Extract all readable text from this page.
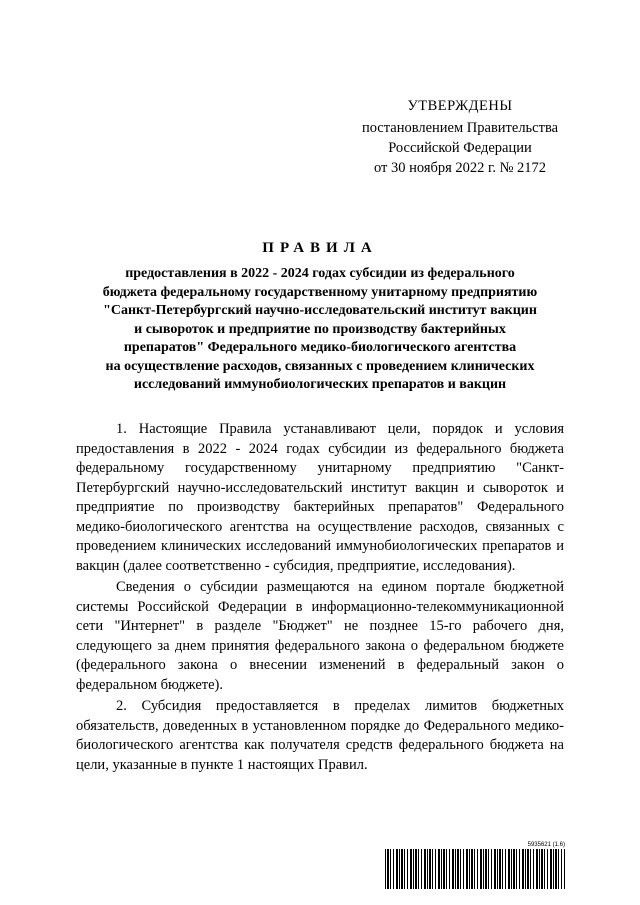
УТВЕРЖДЕНЫ
постановлением Правительства
Российской Федерации
от 30 ноября 2022 г. № 2172
ПРАВИЛА
предоставления в 2022 - 2024 годах субсидии из федерального
бюджета федеральному государственному унитарному предприятию
"Санкт-Петербургский научно-исследовательский институт вакцин
и сывороток и предприятие по производству бактерийных
препаратов" Федерального медико-биологического агентства
на осуществление расходов, связанных с проведением клинических
исследований иммунобиологических препаратов и вакцин

1. Настоящие Правила устанавливают цели, порядок и условия предоставления в 2022 - 2024 годах субсидии из федерального бюджета федеральному государственному унитарному предприятию "Санкт-Петербургский научно-исследовательский институт вакцин и сывороток и предприятие по производству бактерийных препаратов" Федерального медико-биологического агентства на осуществление расходов, связанных с проведением клинических исследований иммунобиологических препаратов и вакцин (далее соответственно - субсидия, предприятие, исследования).

Сведения о субсидии размещаются на едином портале бюджетной системы Российской Федерации в информационно-телекоммуникационной сети "Интернет" в разделе "Бюджет" не позднее 15-го рабочего дня, следующего за днем принятия федерального закона о федеральном бюджете (федерального закона о внесении изменений в федеральный закон о федеральном бюджете).

2. Субсидия предоставляется в пределах лимитов бюджетных обязательств, доведенных в установленном порядке до Федерального медико-биологического агентства как получателя средств федерального бюджета на цели, указанные в пункте 1 настоящих Правил.

5935621 (1.6)
